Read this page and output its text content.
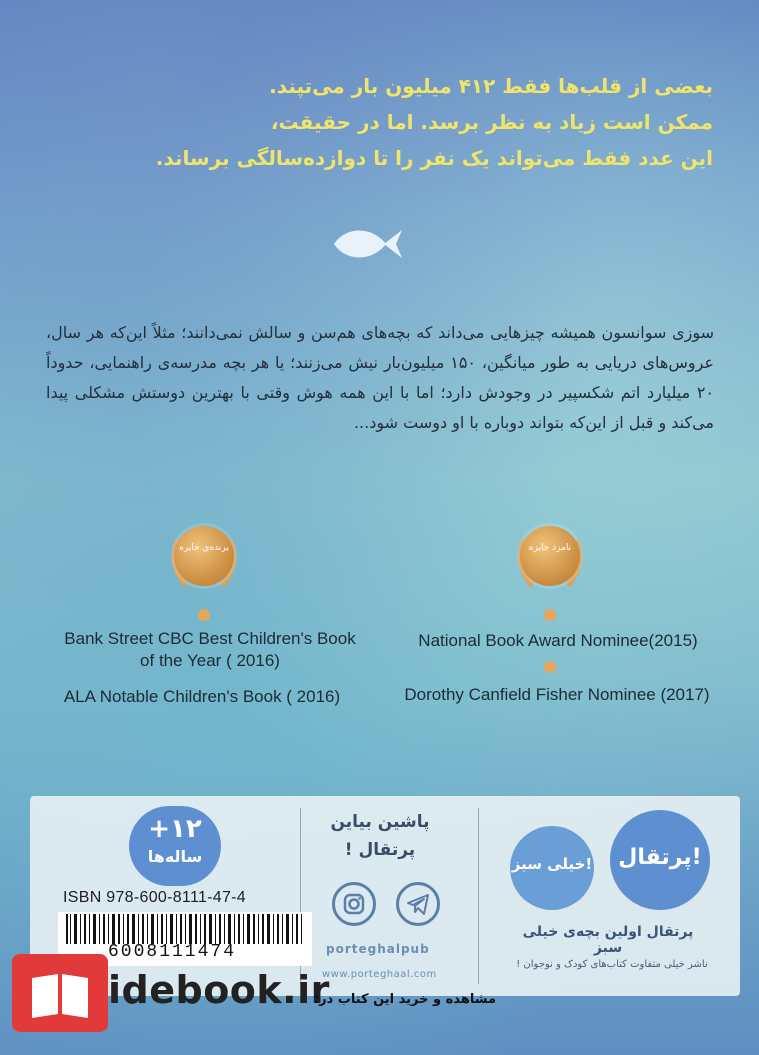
بعضی از قلب‌ها فقط ۴۱۲ میلیون بار می‌تپند.
ممکن است زیاد به نظر برسد. اما در حقیقت،
این عدد فقط می‌تواند یک نفر را تا دوازده‌سالگی برساند.
سوزی سوانسون همیشه چیزهایی می‌داند که بچه‌های هم‌سن و سالش نمی‌دانند؛ مثلاً این‌که هر سال، عروس‌های دریایی به طور میانگین، ۱۵۰ میلیون‌بار نیش می‌زنند؛ یا هر بچه مدرسه‌ی راهنمایی، حدوداً ۲۰ میلیارد اتم شکسپیر در وجودش دارد؛ اما با این همه هوش وقتی با بهترین دوستش مشکلی پیدا می‌کند و قبل از این‌که بتواند دوباره با او دوست شود...
برنده‌ی جایزه	نامزد جایزه
Bank Street CBC Best Children's Book of the Year ( 2016)
ALA Notable Children's Book ( 2016)
National Book Award Nominee(2015)
Dorothy Canfield Fisher Nominee (2017)
+۱۲
ساله‌ها
ISBN 978-600-8111-47-4
6008111474
پاشین بیاین
پرتقال !
porteghalpub
www.porteghaal.com
خیلی سبز!	پرتقال!
پرتقال اولین بچه‌ی خیلی سبز
ناشر خیلی متفاوت کتاب‌های کودک و نوجوان !
idebook.ir
مشاهده و خرید این کتاب در:
